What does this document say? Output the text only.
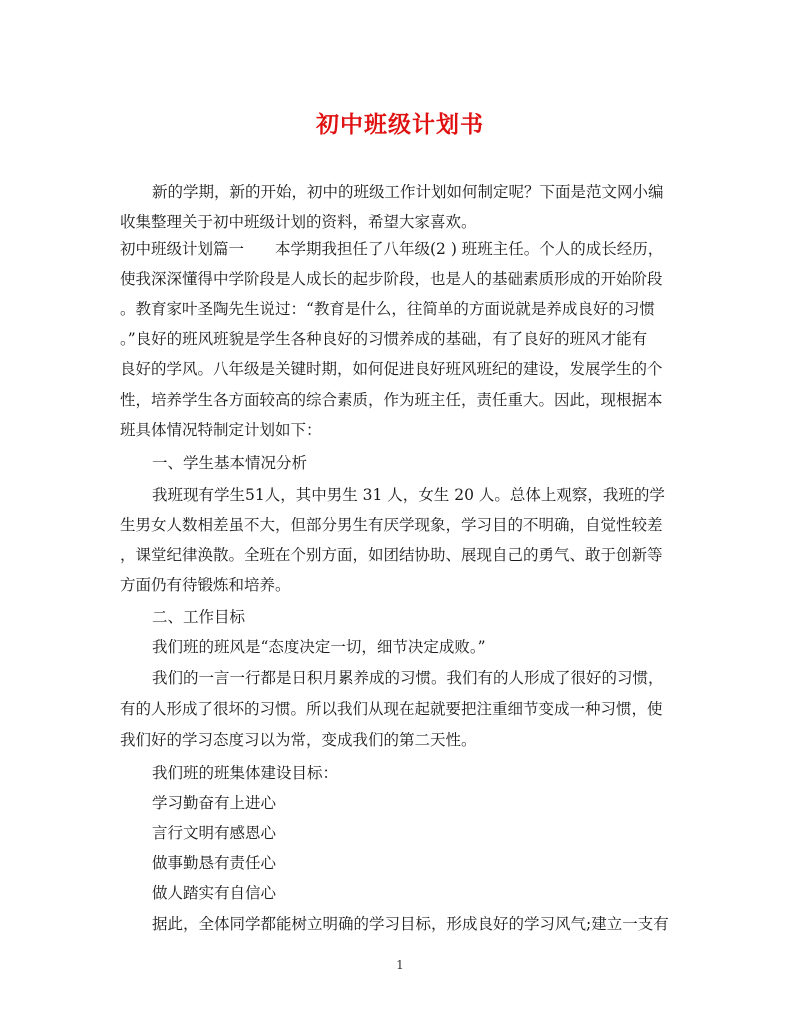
初中班级计划书
新的学期，新的开始，初中的班级工作计划如何制定呢？下面是范文网小编
收集整理关于初中班级计划的资料，希望大家喜欢。
初中班级计划篇一　　本学期我担任了八年级(2 ) 班班主任。个人的成长经历，
使我深深懂得中学阶段是人成长的起步阶段，也是人的基础素质形成的开始阶段
。教育家叶圣陶先生说过：“教育是什么，往简单的方面说就是养成良好的习惯
。”良好的班风班貌是学生各种良好的习惯养成的基础，有了良好的班风才能有
良好的学风。八年级是关键时期，如何促进良好班风班纪的建设，发展学生的个
性，培养学生各方面较高的综合素质，作为班主任，责任重大。因此，现根据本
班具体情况特制定计划如下：
一、学生基本情况分析
我班现有学生51人，其中男生 31 人，女生 20 人。总体上观察，我班的学
生男女人数相差虽不大，但部分男生有厌学现象，学习目的不明确，自觉性较差
，课堂纪律涣散。全班在个别方面，如团结协助、展现自己的勇气、敢于创新等
方面仍有待锻炼和培养。
二、工作目标
我们班的班风是“态度决定一切，细节决定成败。”
我们的一言一行都是日积月累养成的习惯。我们有的人形成了很好的习惯，
有的人形成了很坏的习惯。所以我们从现在起就要把注重细节变成一种习惯，使
我们好的学习态度习以为常，变成我们的第二天性。
我们班的班集体建设目标：
学习勤奋有上进心
言行文明有感恩心
做事勤恳有责任心
做人踏实有自信心
据此，全体同学都能树立明确的学习目标，形成良好的学习风气;建立一支有
1
